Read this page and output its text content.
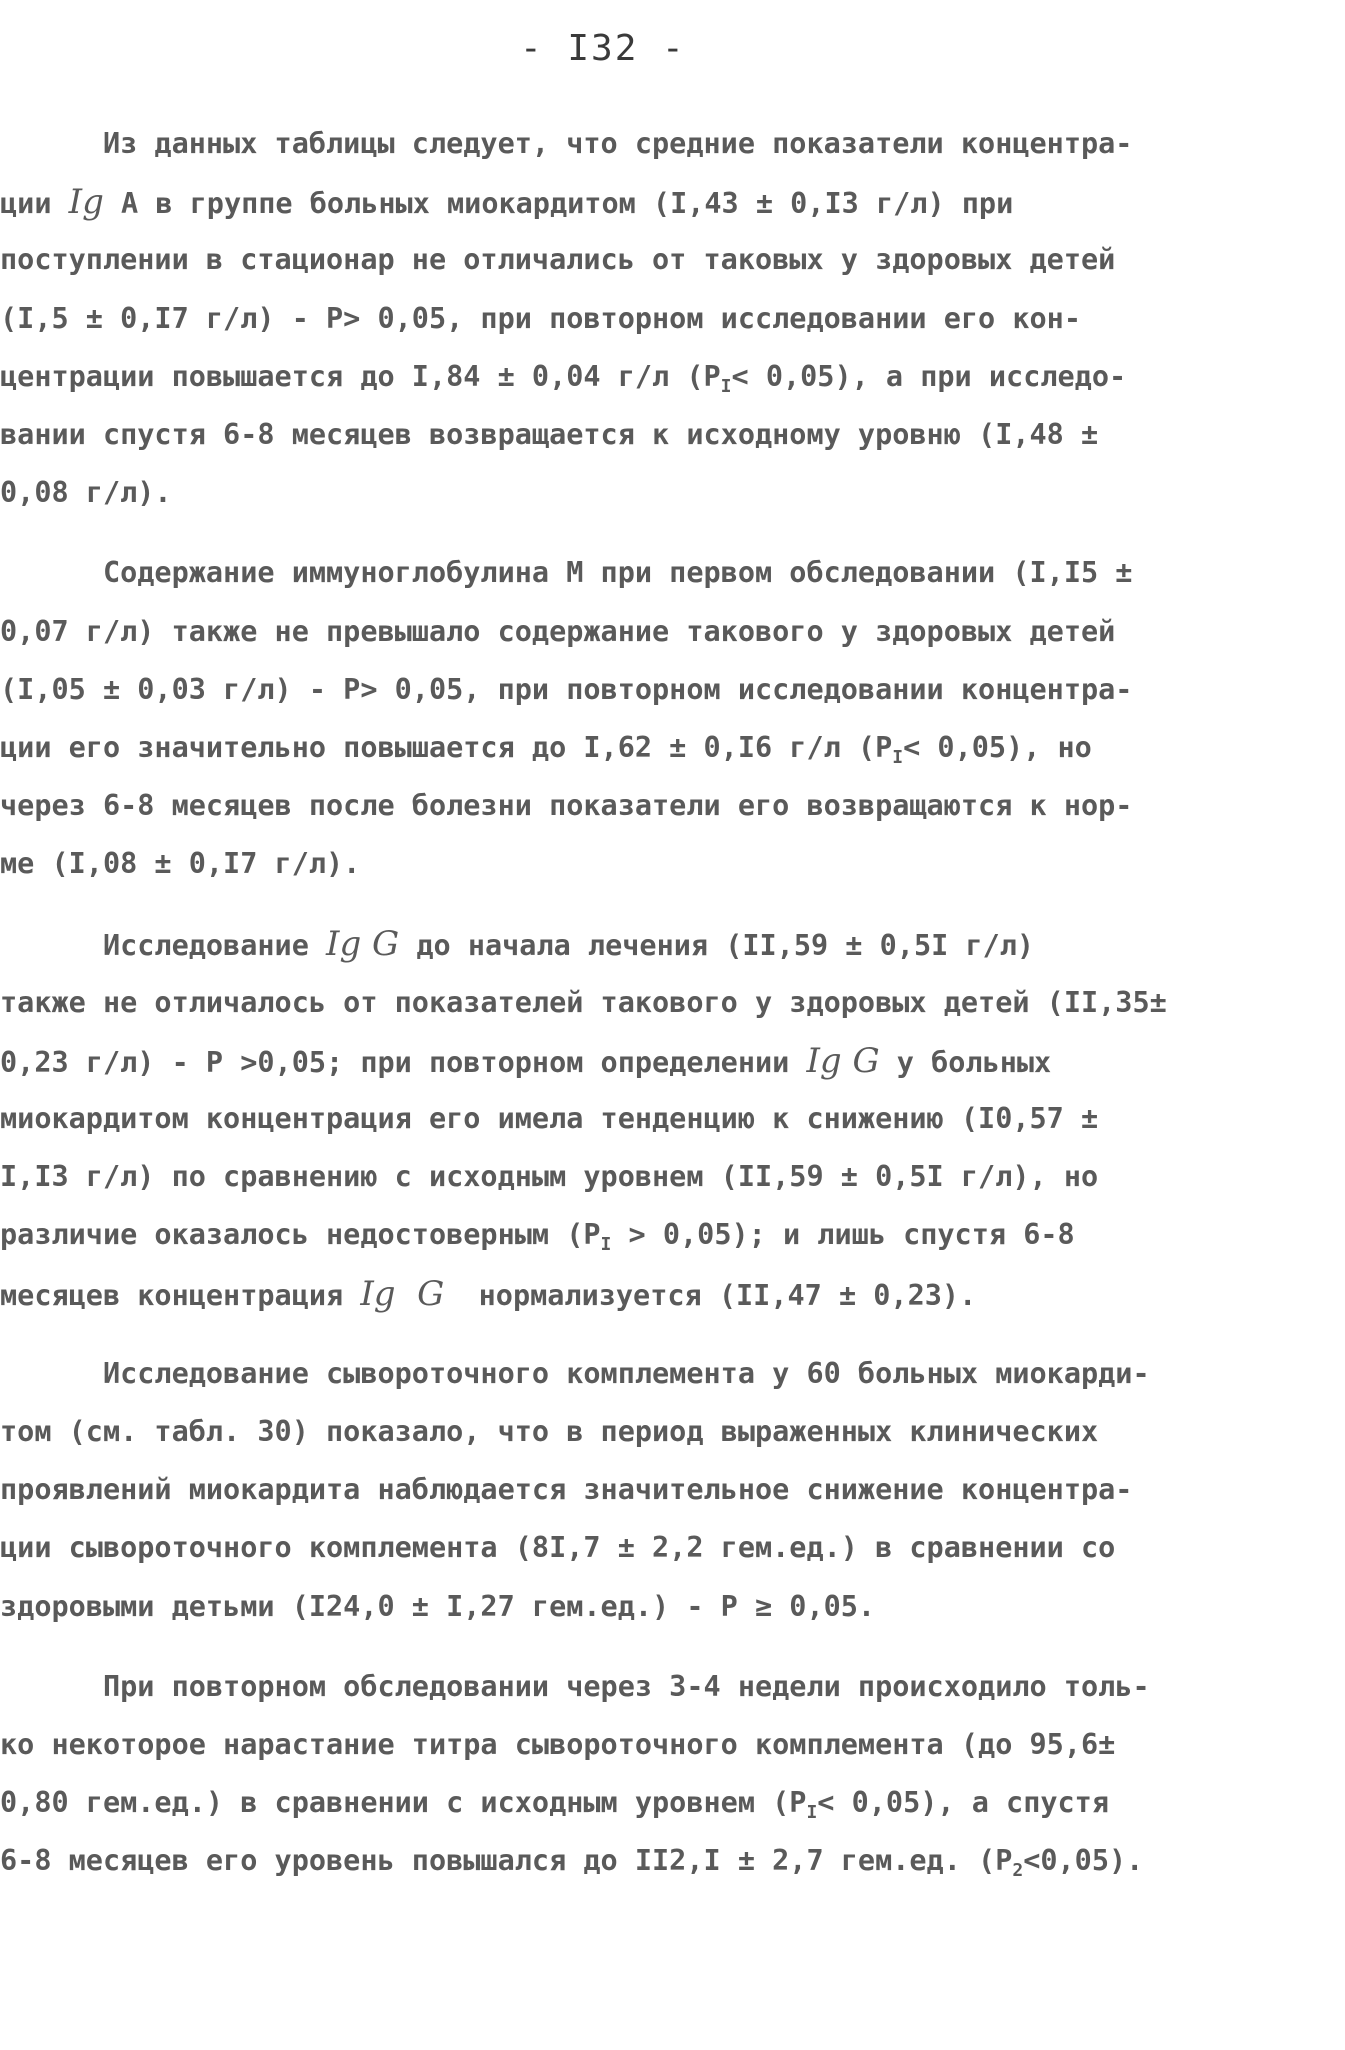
- I32 -
Из данных таблицы следует, что средние показатели концентра-
ции Ig A в группе больных миокардитом (I,43 ± 0,I3 г/л) при
поступлении в стационар не отличались от таковых у здоровых детей
(I,5 ± 0,I7 г/л) - Р> 0,05, при повторном исследовании его кон-
центрации повышается до I,84 ± 0,04 г/л $(Р_I< 0,05)$, а при исследо-
вании спустя 6-8 месяцев возвращается к исходному уровню (I,48 ±
0,08 г/л).
Содержание иммуноглобулина М при первом обследовании (I,I5 ±
0,07 г/л) также не превышало содержание такового у здоровых детей
(I,05 ± 0,03 г/л) - Р> 0,05, при повторном исследовании концентра-
ции его значительно повышается до I,62 ± 0,I6 г/л $(Р_I< 0,05)$, но
через 6-8 месяцев после болезни показатели его возвращаются к нор-
ме (I,08 ± 0,I7 г/л).
Исследование Ig G до начала лечения (II,59 ± 0,5I г/л)
также не отличалось от показателей такового у здоровых детей (II,35±
0,23 г/л) - Р >0,05; при повторном определении Ig G у больных
миокардитом концентрация его имела тенденцию к снижению (I0,57 ±
I,I3 г/л) по сравнению с исходным уровнем (II,59 ± 0,5I г/л), но
различие оказалось недостоверным $(Р_I > 0,05)$; и лишь спустя 6-8
месяцев концентрация Ig  G  нормализуется (II,47 ± 0,23).
Исследование сывороточного комплемента у 60 больных миокарди-
том (см. табл. 30) показало, что в период выраженных клинических
проявлений миокардита наблюдается значительное снижение концентра-
ции сывороточного комплемента (8I,7 ± 2,2 гем.ед.) в сравнении со
здоровыми детьми (I24,0 ± I,27 гем.ед.) - Р ≥ 0,05.
При повторном обследовании через 3-4 недели происходило толь-
ко некоторое нарастание титра сывороточного комплемента (до 95,6±
0,80 гем.ед.) в сравнении с исходным уровнем $(Р_I< 0,05)$, а спустя
6-8 месяцев его уровень повышался до II2,I ± 2,7 гем.ед. $(Р_2<0,05)$.
